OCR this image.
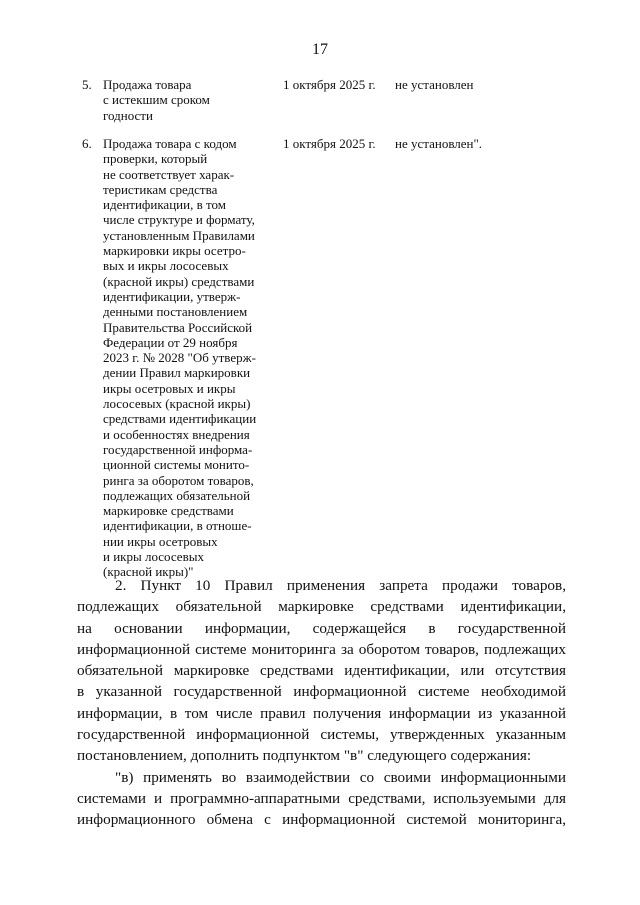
17
5. Продажа товара
с истекшим сроком
годности
1 октября 2025 г. не установлен
6. Продажа товара с кодом
проверки, который
не соответствует харак-
теристикам средства
идентификации, в том
числе структуре и формату,
установленным Правилами
маркировки икры осетро-
вых и икры лососевых
(красной икры) средствами
идентификации, утверж-
денными постановлением
Правительства Российской
Федерации от 29 ноября
2023 г. № 2028 "Об утверж-
дении Правил маркировки
икры осетровых и икры
лососевых (красной икры)
средствами идентификации
и особенностях внедрения
государственной информа-
ционной системы монито-
ринга за оборотом товаров,
подлежащих обязательной
маркировке средствами
идентификации, в отноше-
нии икры осетровых
и икры лососевых
(красной икры)"
1 октября 2025 г. не установлен".
2. Пункт 10 Правил применения запрета продажи товаров,
подлежащих обязательной маркировке средствами идентификации,
на основании информации, содержащейся в государственной
информационной системе мониторинга за оборотом товаров, подлежащих
обязательной маркировке средствами идентификации, или отсутствия
в указанной государственной информационной системе необходимой
информации, в том числе правил получения информации из указанной
государственной информационной системы, утвержденных указанным
постановлением, дополнить подпунктом "в" следующего содержания:
"в) применять во взаимодействии со своими информационными
системами и программно-аппаратными средствами, используемыми для
информационного обмена с информационной системой мониторинга,
